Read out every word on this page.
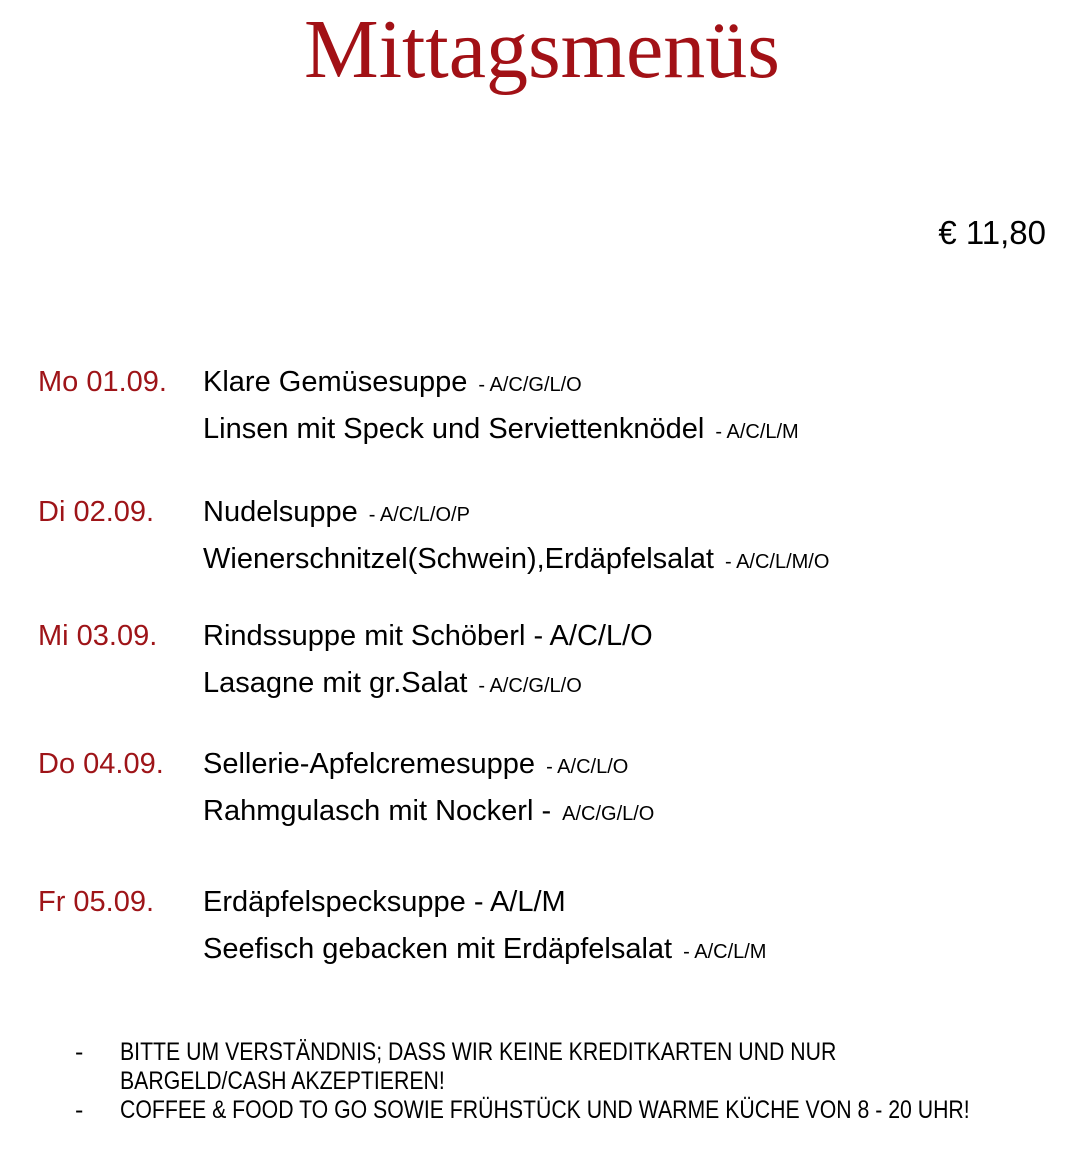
Mittagsmenüs
€ 11,80
Mo 01.09.	Klare Gemüsesuppe - A/C/G/L/O
Linsen mit Speck und Serviettenknödel - A/C/L/M
Di 02.09.	Nudelsuppe - A/C/L/O/P
Wienerschnitzel(Schwein),Erdäpfelsalat - A/C/L/M/O
Mi 03.09.	Rindssuppe mit Schöberl - A/C/L/O
Lasagne mit gr.Salat - A/C/G/L/O
Do 04.09.	Sellerie-Apfelcremesuppe - A/C/L/O
Rahmgulasch mit Nockerl - A/C/G/L/O
Fr 05.09.	Erdäpfelspecksuppe - A/L/M
Seefisch gebacken mit Erdäpfelsalat - A/C/L/M
-	BITTE UM VERSTÄNDNIS; DASS WIR KEINE KREDITKARTEN UND NUR
BARGELD/CASH AKZEPTIEREN!
-	COFFEE & FOOD TO GO SOWIE FRÜHSTÜCK UND WARME KÜCHE VON 8 - 20 UHR!
